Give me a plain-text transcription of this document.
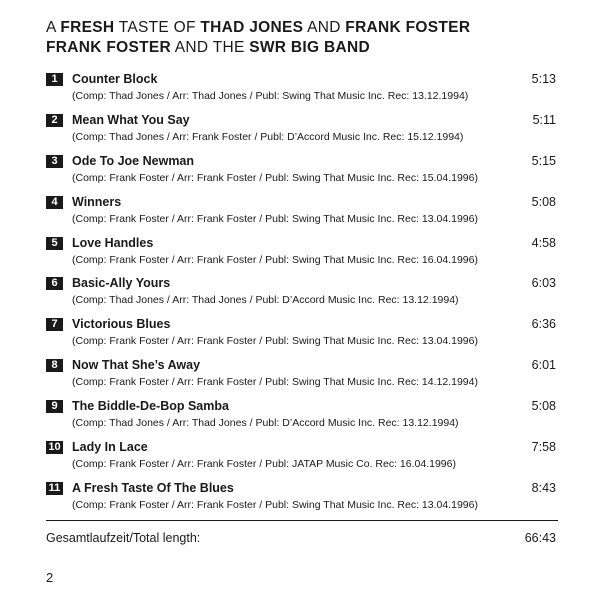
A FRESH TASTE OF THAD JONES AND FRANK FOSTER
FRANK FOSTER AND THE SWR BIG BAND
1	Counter Block
(Comp: Thad Jones / Arr: Thad Jones / Publ: Swing That Music Inc. Rec: 13.12.1994)
5:13
2	Mean What You Say
(Comp: Thad Jones / Arr: Frank Foster / Publ: D’Accord Music Inc. Rec: 15.12.1994)
5:11
3	Ode To Joe Newman
(Comp: Frank Foster / Arr: Frank Foster / Publ: Swing That Music Inc. Rec: 15.04.1996)
5:15
4	Winners
(Comp: Frank Foster / Arr: Frank Foster / Publ: Swing That Music Inc. Rec: 13.04.1996)
5:08
5	Love Handles
(Comp: Frank Foster / Arr: Frank Foster / Publ: Swing That Music Inc. Rec: 16.04.1996)
4:58
6	Basic-Ally Yours
(Comp: Thad Jones / Arr: Thad Jones / Publ: D’Accord Music Inc. Rec: 13.12.1994)
6:03
7	Victorious Blues
(Comp: Frank Foster / Arr: Frank Foster / Publ: Swing That Music Inc. Rec: 13.04.1996)
6:36
8	Now That She’s Away
(Comp: Frank Foster / Arr: Frank Foster / Publ: Swing That Music Inc. Rec: 14.12.1994)
6:01
9	The Biddle-De-Bop Samba
(Comp: Thad Jones / Arr: Thad Jones / Publ: D’Accord Music Inc. Rec: 13.12.1994)
5:08
10 Lady In Lace
(Comp: Frank Foster / Arr: Frank Foster / Publ: JATAP Music Co. Rec: 16.04.1996)
7:58
11 A Fresh Taste Of The Blues
(Comp: Frank Foster / Arr: Frank Foster / Publ: Swing That Music Inc. Rec: 13.04.1996)
8:43
Gesamtlaufzeit/Total length:	66:43
2
